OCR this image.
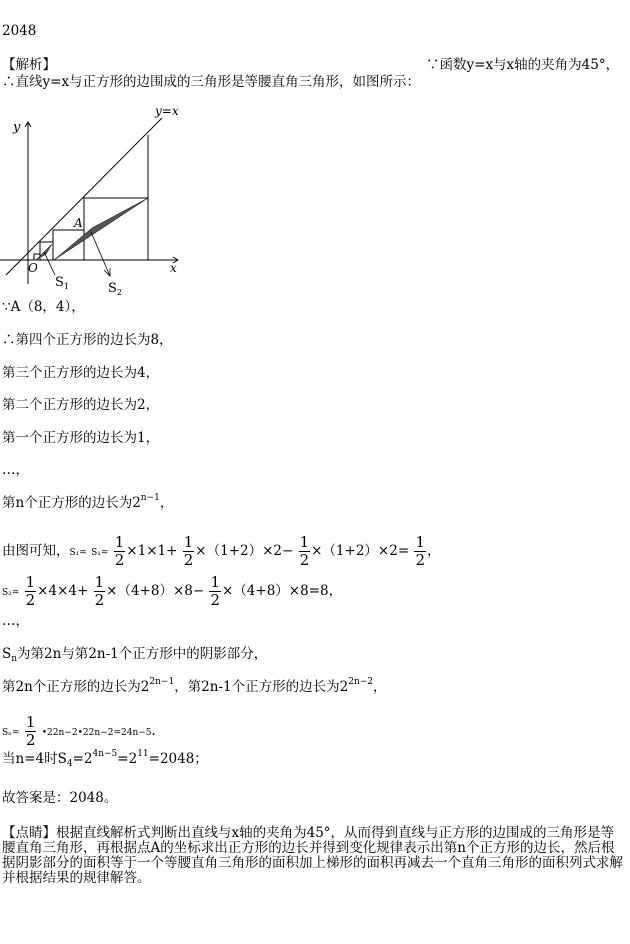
2048
【解析】	∵函数y=x与x轴的夹角为45°，
∴直线y=x与正方形的边围成的三角形是等腰直角三角形，如图所示：
y
y=x
A
O	x
$S_1$	$S_2$
∵A（8，4），
∴第四个正方形的边长为8，
第三个正方形的边长为4，
第二个正方形的边长为2，
第一个正方形的边长为1，
…，
第n个正方形的边长为$2^{n-1}$，
由图可知，$S_1= S_1= \frac{1}{2} \times 1\times 1+ \frac{1}{2} \times(1+2)\times 2- \frac{1}{2} \times(1+2)\times 2= \frac{1}{2}$ ，
$S_2= \frac{1}{2} \times 4\times 4+ \frac{1}{2} \times(4+8)\times 8- \frac{1}{2} \times(4+8)\times 8=8$，
…，
$S_n$为第2n与第2n-1个正方形中的阴影部分，
第2n个正方形的边长为$2^{2n-1}$，第2n-1个正方形的边长为$2^{2n-2}$，
$S_n= \frac{1}{2}$ •22n−2•22n−2=24n−5.
当n=4时$S_4=2^{4n-5}=2^{11}=2048$；
故答案是：2048。
【点睛】根据直线解析式判断出直线与x轴的夹角为45°，从而得到直线与正方形的边围成的三角形是等腰直角三角形，再根据点A的坐标求出正方形的边长并得到变化规律表示出第n个正方形的边长，然后根据阴影部分的面积等于一个等腰直角三角形的面积加上梯形的面积再减去一个直角三角形的面积列式求解并根据结果的规律解答。
